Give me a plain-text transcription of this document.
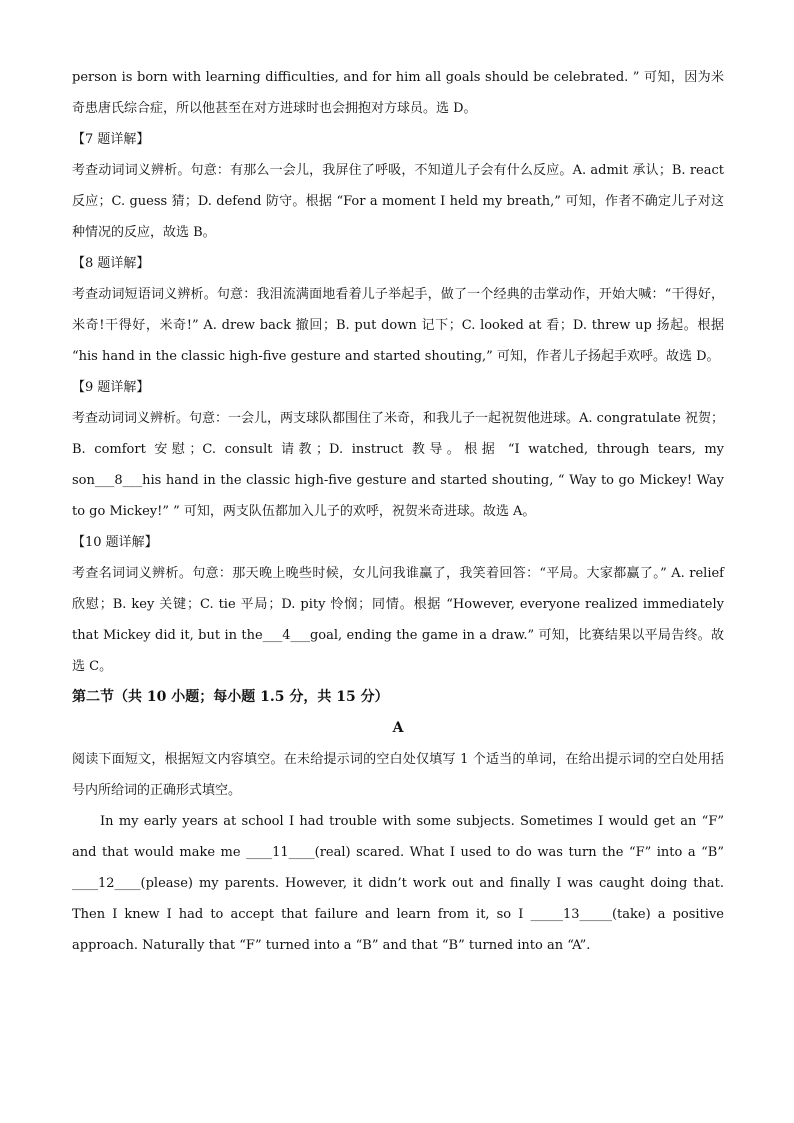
person is born with learning difficulties, and for him all goals should be celebrated. ” 可知，因为米奇患唐氏综合症，所以他甚至在对方进球时也会拥抱对方球员。选 D。

【7 题详解】

考查动词词义辨析。句意：有那么一会儿，我屏住了呼吸，不知道儿子会有什么反应。A. admit 承认；B. react 反应；C. guess 猜；D. defend 防守。根据 “For a moment I held my breath,” 可知，作者不确定儿子对这种情况的反应，故选 B。

【8 题详解】

考查动词短语词义辨析。句意：我泪流满面地看着儿子举起手，做了一个经典的击掌动作，开始大喊：“干得好，米奇!干得好，米奇!” A. drew back 撤回；B. put down 记下；C. looked at 看；D. threw up 扬起。根据 “his hand in the classic high-five gesture and started shouting,” 可知，作者儿子扬起手欢呼。故选 D。

【9 题详解】

考查动词词义辨析。句意：一会儿，两支球队都围住了米奇，和我儿子一起祝贺他进球。A. congratulate 祝贺；B. comfort 安慰；C. consult 请教；D. instruct 教导。根据 “I watched, through tears, my son___8___his hand in the classic high-five gesture and started shouting, “ Way to go Mickey! Way to go Mickey!” ” 可知，两支队伍都加入儿子的欢呼，祝贺米奇进球。故选 A。

【10 题详解】

考查名词词义辨析。句意：那天晚上晚些时候，女儿问我谁赢了，我笑着回答：“平局。大家都赢了。” A. relief 欣慰；B. key 关键；C. tie 平局；D. pity 怜悯；同情。根据 “However, everyone realized immediately that Mickey did it, but in the___4___goal, ending the game in a draw.” 可知，比赛结果以平局告终。故选 C。

第二节（共 10 小题；每小题 1.5 分，共 15 分）

A

阅读下面短文，根据短文内容填空。在未给提示词的空白处仅填写 1 个适当的单词，在给出提示词的空白处用括号内所给词的正确形式填空。

In my early years at school I had trouble with some subjects. Sometimes I would get an “F” and that would make me ____11____(real) scared. What I used to do was turn the “F” into a “B” ____12____(please) my parents. However, it didn’t work out and finally I was caught doing that. Then I knew I had to accept that failure and learn from it, so I _____13_____(take) a positive approach. Naturally that “F” turned into a “B” and that “B” turned into an “A”.
